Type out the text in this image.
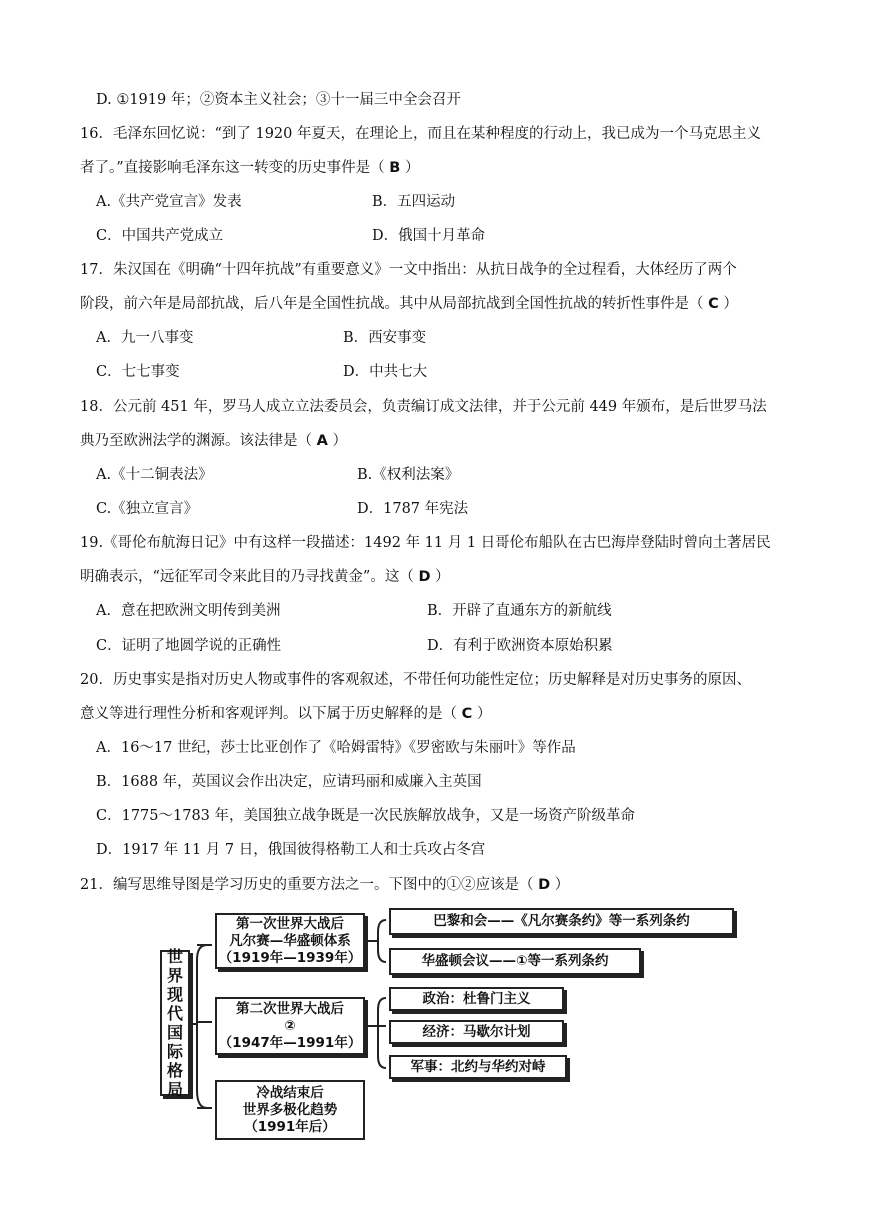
D. ①1919 年；②资本主义社会；③十一届三中全会召开
16．毛泽东回忆说：“到了 1920 年夏天，在理论上，而且在某种程度的行动上，我已成为一个马克思主义
者了。”直接影响毛泽东这一转变的历史事件是（ B ）
A.《共产党宣言》发表	B．五四运动
C．中国共产党成立	D．俄国十月革命
17．朱汉国在《明确“十四年抗战”有重要意义》一文中指出：从抗日战争的全过程看，大体经历了两个
阶段，前六年是局部抗战，后八年是全国性抗战。其中从局部抗战到全国性抗战的转折性事件是（ C ）
A．九一八事变	B．西安事变
C．七七事变	D．中共七大
18．公元前 451 年，罗马人成立立法委员会，负责编订成文法律，并于公元前 449 年颁布，是后世罗马法
典乃至欧洲法学的渊源。该法律是（ A ）
A.《十二铜表法》	B.《权利法案》
C.《独立宣言》	D．1787 年宪法
19.《哥伦布航海日记》中有这样一段描述：1492 年 11 月 1 日哥伦布船队在古巴海岸登陆时曾向土著居民
明确表示，“远征军司令来此目的乃寻找黄金”。这（ D ）
A．意在把欧洲文明传到美洲	B．开辟了直通东方的新航线
C．证明了地圆学说的正确性	D．有利于欧洲资本原始积累
20．历史事实是指对历史人物或事件的客观叙述，不带任何功能性定位；历史解释是对历史事务的原因、
意义等进行理性分析和客观评判。以下属于历史解释的是（ C ）
A．16～17 世纪，莎士比亚创作了《哈姆雷特》《罗密欧与朱丽叶》等作品
B．1688 年，英国议会作出决定，应请玛丽和威廉入主英国
C．1775～1783 年，美国独立战争既是一次民族解放战争，又是一场资产阶级革命
D．1917 年 11 月 7 日，俄国彼得格勒工人和士兵攻占冬宫
21．编写思维导图是学习历史的重要方法之一。下图中的①②应该是（ D ）
世
界
现
代
国
际
格
局
第一次世界大战后
凡尔赛—华盛顿体系
（1919年—1939年）
第二次世界大战后
②
（1947年—1991年）
冷战结束后
世界多极化趋势
（1991年后）
巴黎和会——《凡尔赛条约》等一系列条约
华盛顿会议——①等一系列条约
政治：杜鲁门主义
经济：马歇尔计划
军事：北约与华约对峙
